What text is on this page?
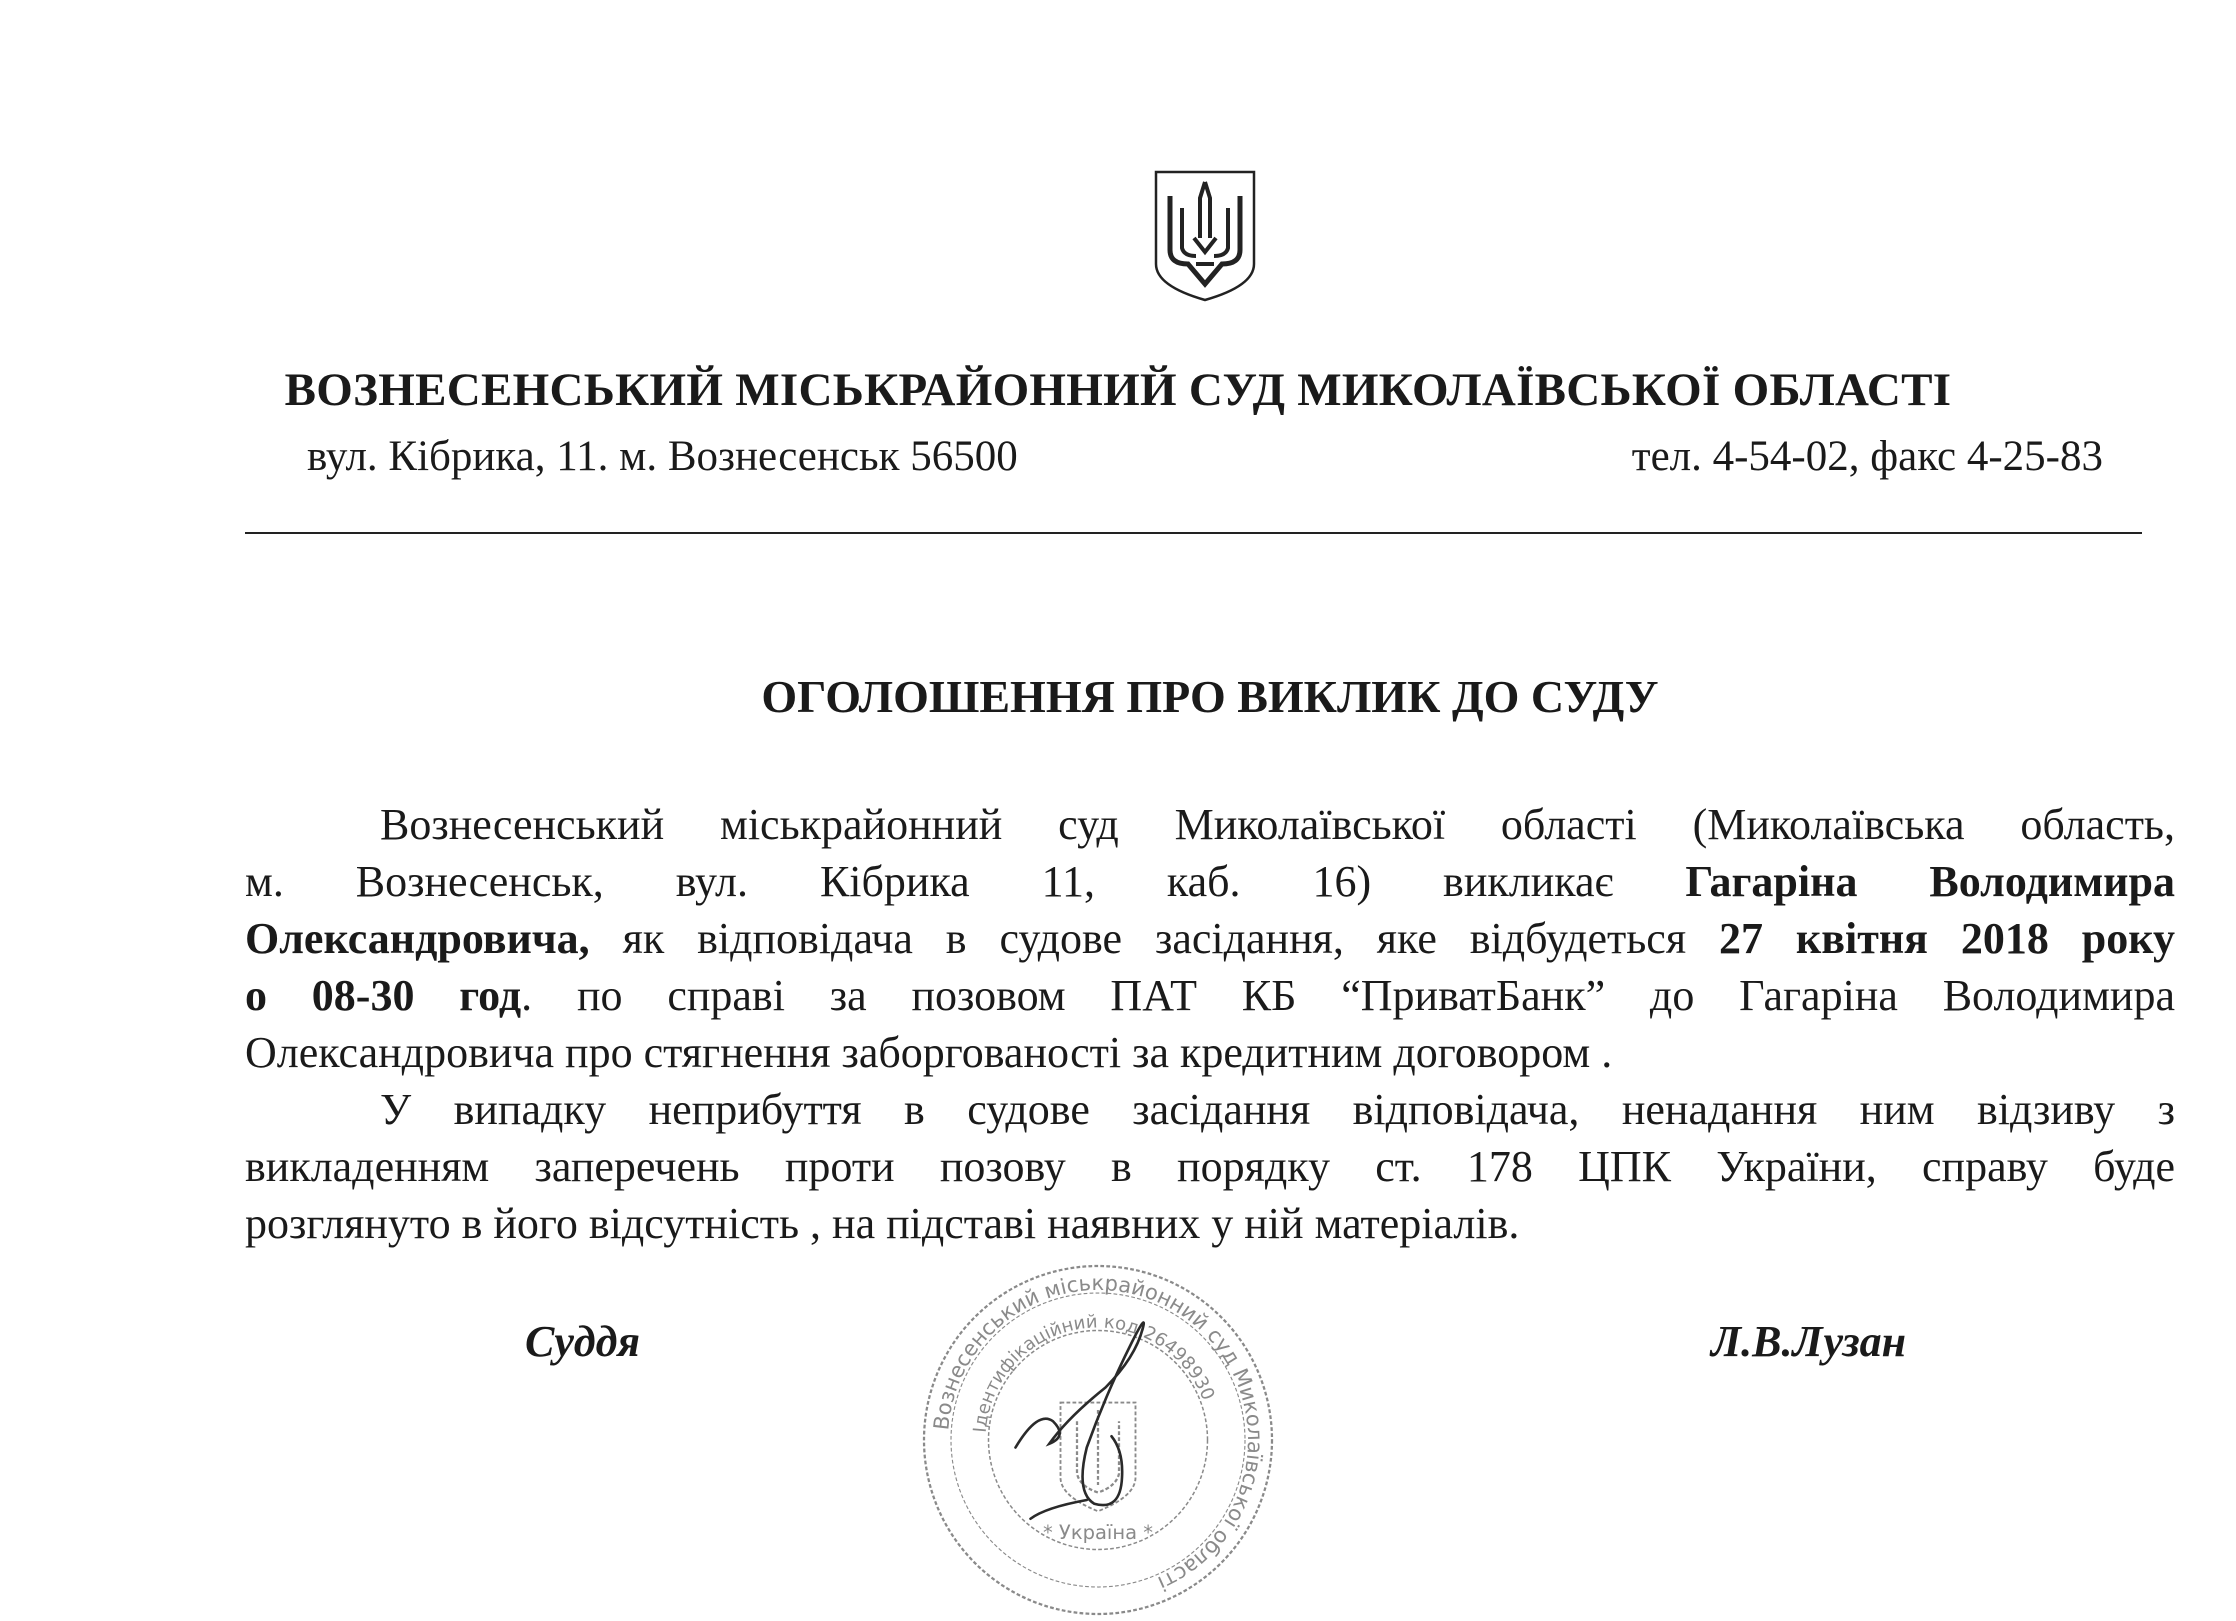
ВОЗНЕСЕНСЬКИЙ МІСЬКРАЙОННИЙ СУД МИКОЛАЇВСЬКОЇ ОБЛАСТІ
вул. Кібрика, 11. м. Вознесенськ 56500	тел. 4-54-02, факс 4-25-83
ОГОЛОШЕННЯ ПРО ВИКЛИК ДО СУДУ
Вознесенський міськрайонний суд Миколаївської області (Миколаївська область,
м. Вознесенськ, вул. Кібрика 11, каб. 16) викликає Гагаріна Володимира
Олександровича, як відповідача в судове засідання, яке відбудеться 27 квітня 2018 року
о 08-30 год. по справі за позовом ПАТ КБ “ПриватБанк” до Гагаріна Володимира
Олександровича про стягнення заборгованості за кредитним договором .
У випадку неприбуття в судове засідання відповідача, ненадання ним відзиву з
викладенням заперечень проти позову в порядку ст. 178 ЦПК України, справу буде
розглянуто в його відсутність , на підставі наявних у ній матеріалів.
Суддя	Л.В.Лузан
Вознесенський міськрайонний суд Миколаївської області
Ідентифікаційний код 26498930
* Україна *
